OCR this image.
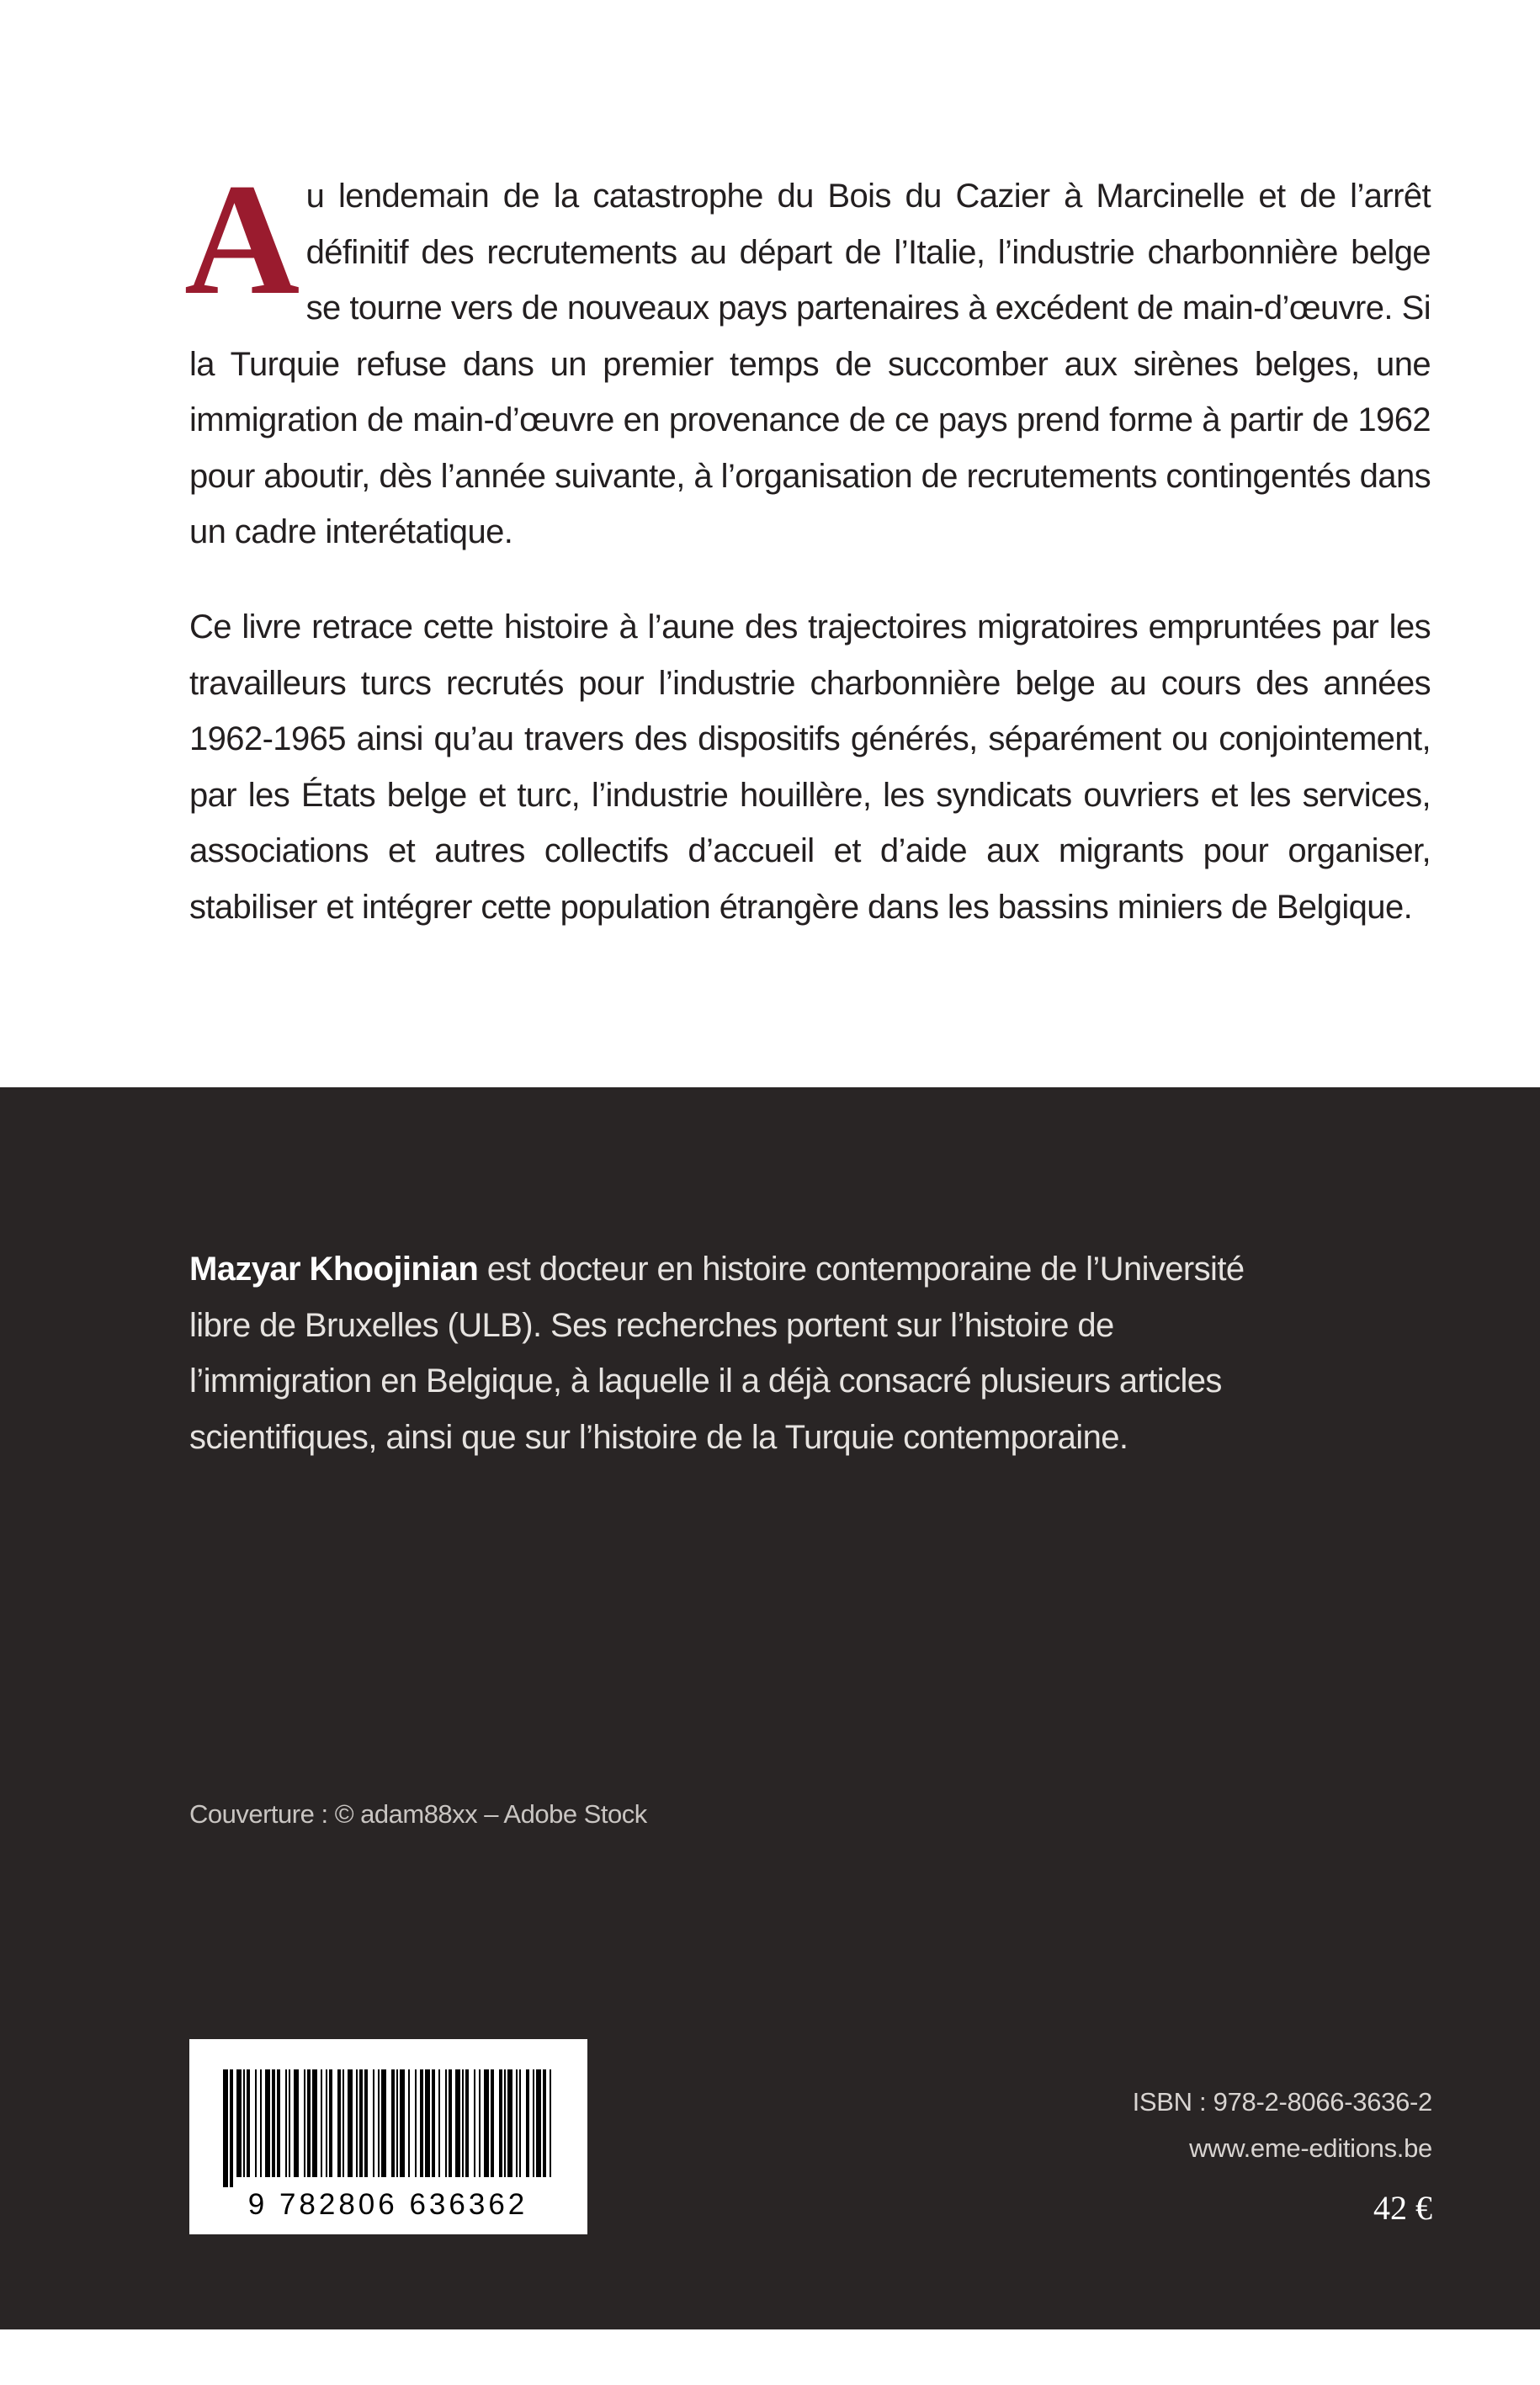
A u lendemain de la catastrophe du Bois du Cazier à Marcinelle et de l’arrêt définitif des recrutements au départ de l’Italie, l’industrie charbonnière belge se tourne vers de nouveaux pays partenaires à excédent de main-d’œuvre. Si la Turquie refuse dans un premier temps de succomber aux sirènes belges, une immigration de main-d’œuvre en provenance de ce pays prend forme à partir de 1962 pour aboutir, dès l’année suivante, à l’organisation de recrutements contingentés dans un cadre interétatique.

Ce livre retrace cette histoire à l’aune des trajectoires migratoires empruntées par les travailleurs turcs recrutés pour l’industrie charbonnière belge au cours des années 1962-1965 ainsi qu’au travers des dispositifs générés, séparément ou conjointement, par les États belge et turc, l’industrie houillère, les syndicats ouvriers et les services, associations et autres collectifs d’accueil et d’aide aux migrants pour organiser, stabiliser et intégrer cette population étrangère dans les bassins miniers de Belgique.

Mazyar Khoojinian est docteur en histoire contemporaine de l’Université libre de Bruxelles (ULB). Ses recherches portent sur l’histoire de l’immigration en Belgique, à laquelle il a déjà consacré plusieurs articles scientifiques, ainsi que sur l’histoire de la Turquie contemporaine.
Couverture : © adam88xx – Adobe Stock
9 782806 636362
ISBN : 978-2-8066-3636-2
www.eme-editions.be
42 €
